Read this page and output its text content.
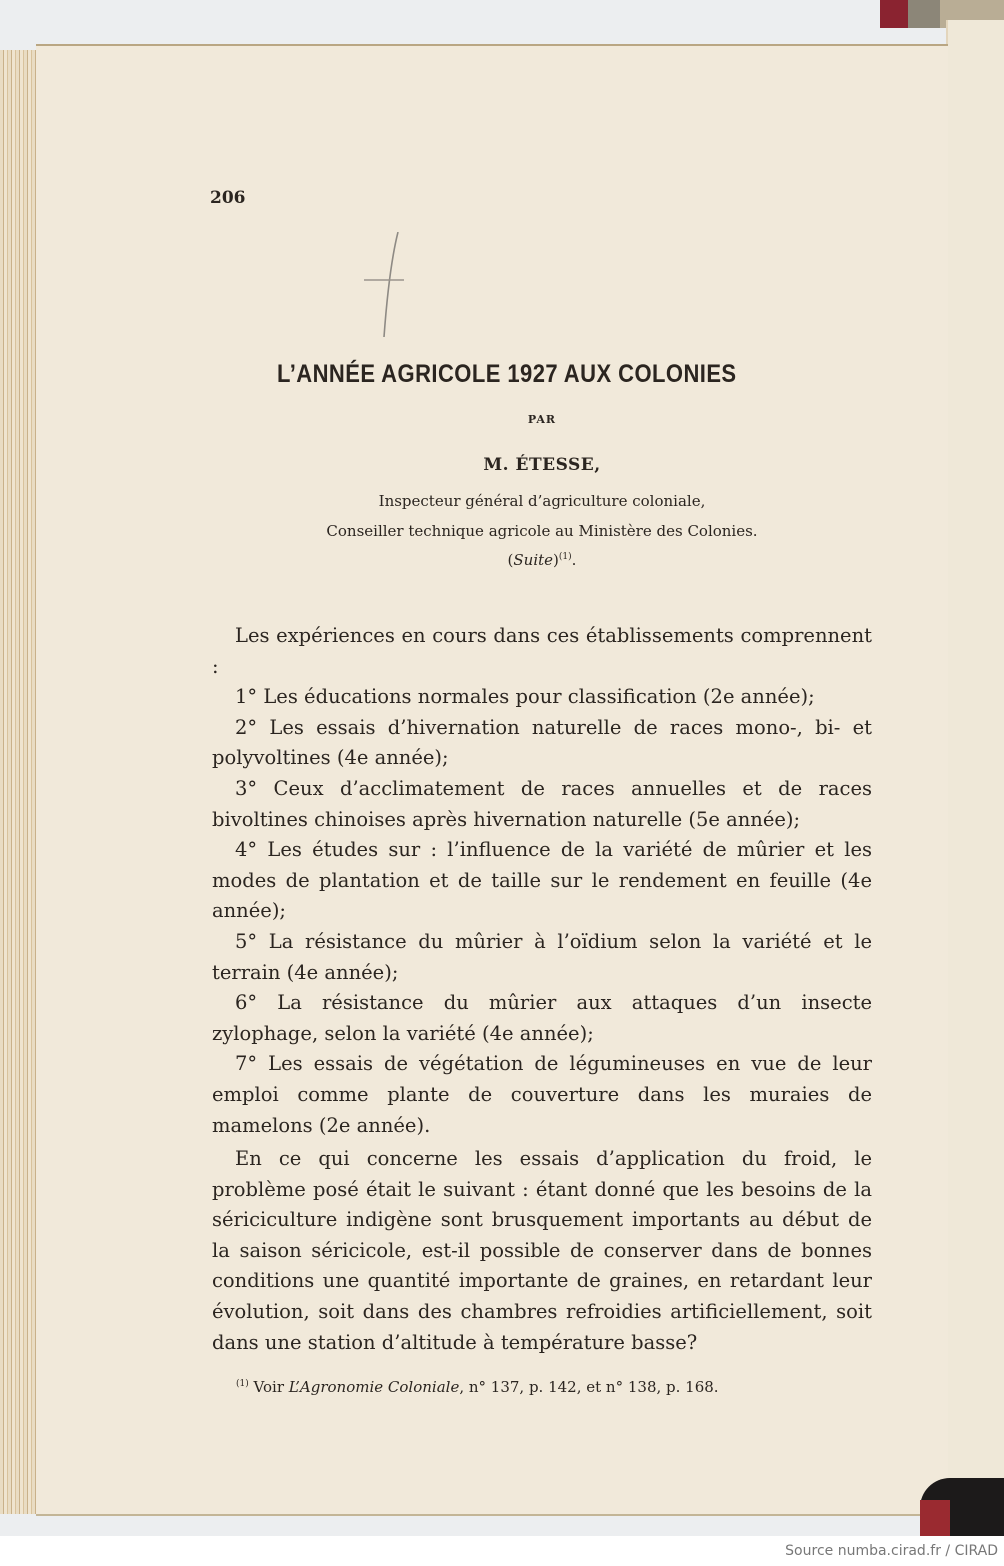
206
L’ANNÉE AGRICOLE 1927 AUX COLONIES
PAR
M. ÉTESSE,
Inspecteur général d’agriculture coloniale,
Conseiller technique agricole au Ministère des Colonies.
(Suite)$^{(1)}$.

Les expériences en cours dans ces établissements comprennent :

1° Les éducations normales pour classification (2e année);

2° Les essais d’hivernation naturelle de races mono-, bi- et polyvoltines (4e année);

3° Ceux d’acclimatement de races annuelles et de races bivoltines chinoises après hivernation naturelle (5e année);

4° Les études sur : l’influence de la variété de mûrier et les modes de plantation et de taille sur le rendement en feuille (4e année);

5° La résistance du mûrier à l’oïdium selon la variété et le terrain (4e année);

6° La résistance du mûrier aux attaques d’un insecte zylophage, selon la variété (4e année);

7° Les essais de végétation de légumineuses en vue de leur emploi comme plante de couverture dans les muraies de mamelons (2e année).

En ce qui concerne les essais d’application du froid, le problème posé était le suivant : étant donné que les besoins de la sériciculture indigène sont brusquement importants au début de la saison séricicole, est-il possible de conserver dans de bonnes conditions une quantité importante de graines, en retardant leur évolution, soit dans des chambres refroidies artificiellement, soit dans une station d’altitude à température basse?

$^{(1)}$ Voir L’Agronomie Coloniale, n° 137, p. 142, et n° 138, p. 168.
Source numba.cirad.fr / CIRAD
